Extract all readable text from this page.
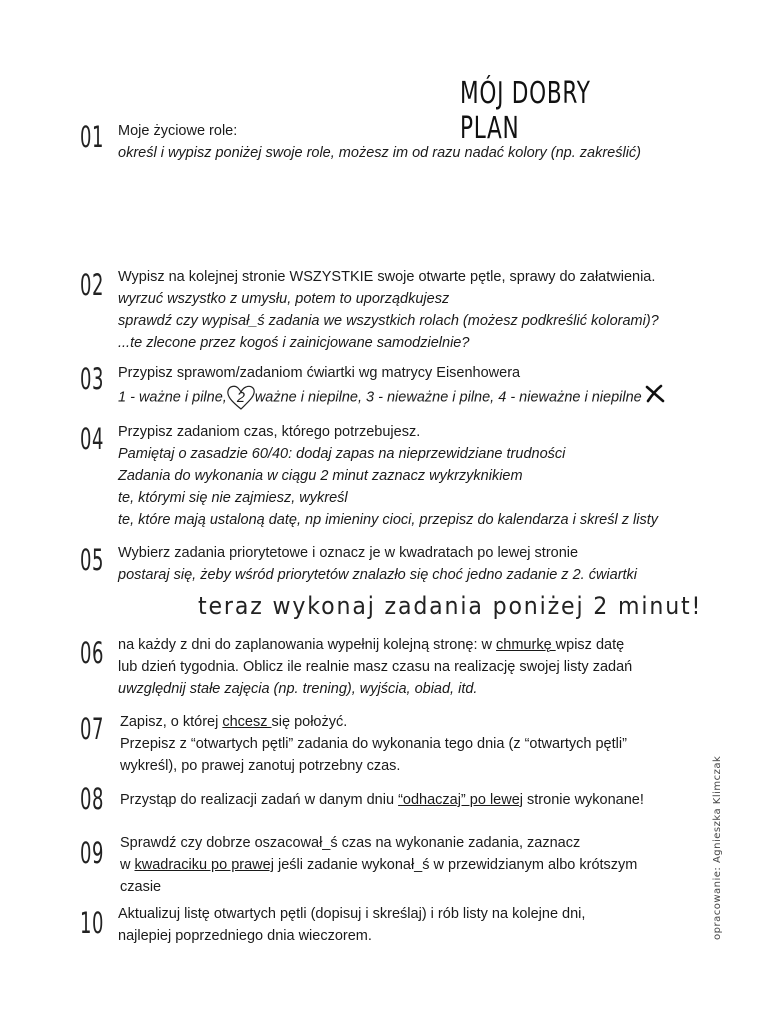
MÓJ DOBRY PLAN
01 Moje życiowe role:

określ i wypisz poniżej swoje role, możesz im od razu nadać kolory (np. zakreślić)

02 Wypisz na kolejnej stronie WSZYSTKIE swoje otwarte pętle, sprawy do załatwienia.

wyrzuć wszystko z umysłu, potem to uporządkujesz

sprawdź czy wypisał_ś zadania we wszystkich rolach (możesz podkreślić kolorami)?

...te zlecone przez kogoś i zainicjowane samodzielnie?

03 Przypisz sprawom/zadaniom ćwiartki wg matrycy Eisenhowera

1 - ważne i pilne, 2 ważne i niepilne, 3 - nieważne i pilne, 4 - nieważne i niepilne

04 Przypisz zadaniom czas, którego potrzebujesz.

Pamiętaj o zasadzie 60/40: dodaj zapas na nieprzewidziane trudności

Zadania do wykonania w ciągu 2 minut zaznacz wykrzyknikiem

te, którymi się nie zajmiesz, wykreśl

te, które mają ustaloną datę, np imieniny cioci, przepisz do kalendarza i skreśl z listy

05 Wybierz zadania priorytetowe i oznacz je w kwadratach po lewej stronie

postaraj się, żeby wśród priorytetów znalazło się choć jedno zadanie z 2. ćwiartki

teraz wykonaj zadania poniżej 2 minut!
06 na każdy z dni do zaplanowania wypełnij kolejną stronę: w chmurkę wpisz datę

lub dzień tygodnia. Oblicz ile realnie masz czasu na realizację swojej listy zadań

uwzględnij stałe zajęcia (np. trening), wyjścia, obiad, itd.

07 Zapisz, o której chcesz się położyć.

Przepisz z “otwartych pętli” zadania do wykonania tego dnia (z “otwartych pętli”

wykreśl), po prawej zanotuj potrzebny czas.

08 Przystąp do realizacji zadań w danym dniu “odhaczaj” po lewej stronie wykonane!

09 Sprawdź czy dobrze oszacował_ś czas na wykonanie zadania, zaznacz

w kwadraciku po prawej jeśli zadanie wykonał_ś w przewidzianym albo krótszym

czasie

10 Aktualizuj listę otwartych pętli (dopisuj i skreślaj) i rób listy na kolejne dni,

najlepiej poprzedniego dnia wieczorem.	opracowanie: Agnieszka Klimczak
